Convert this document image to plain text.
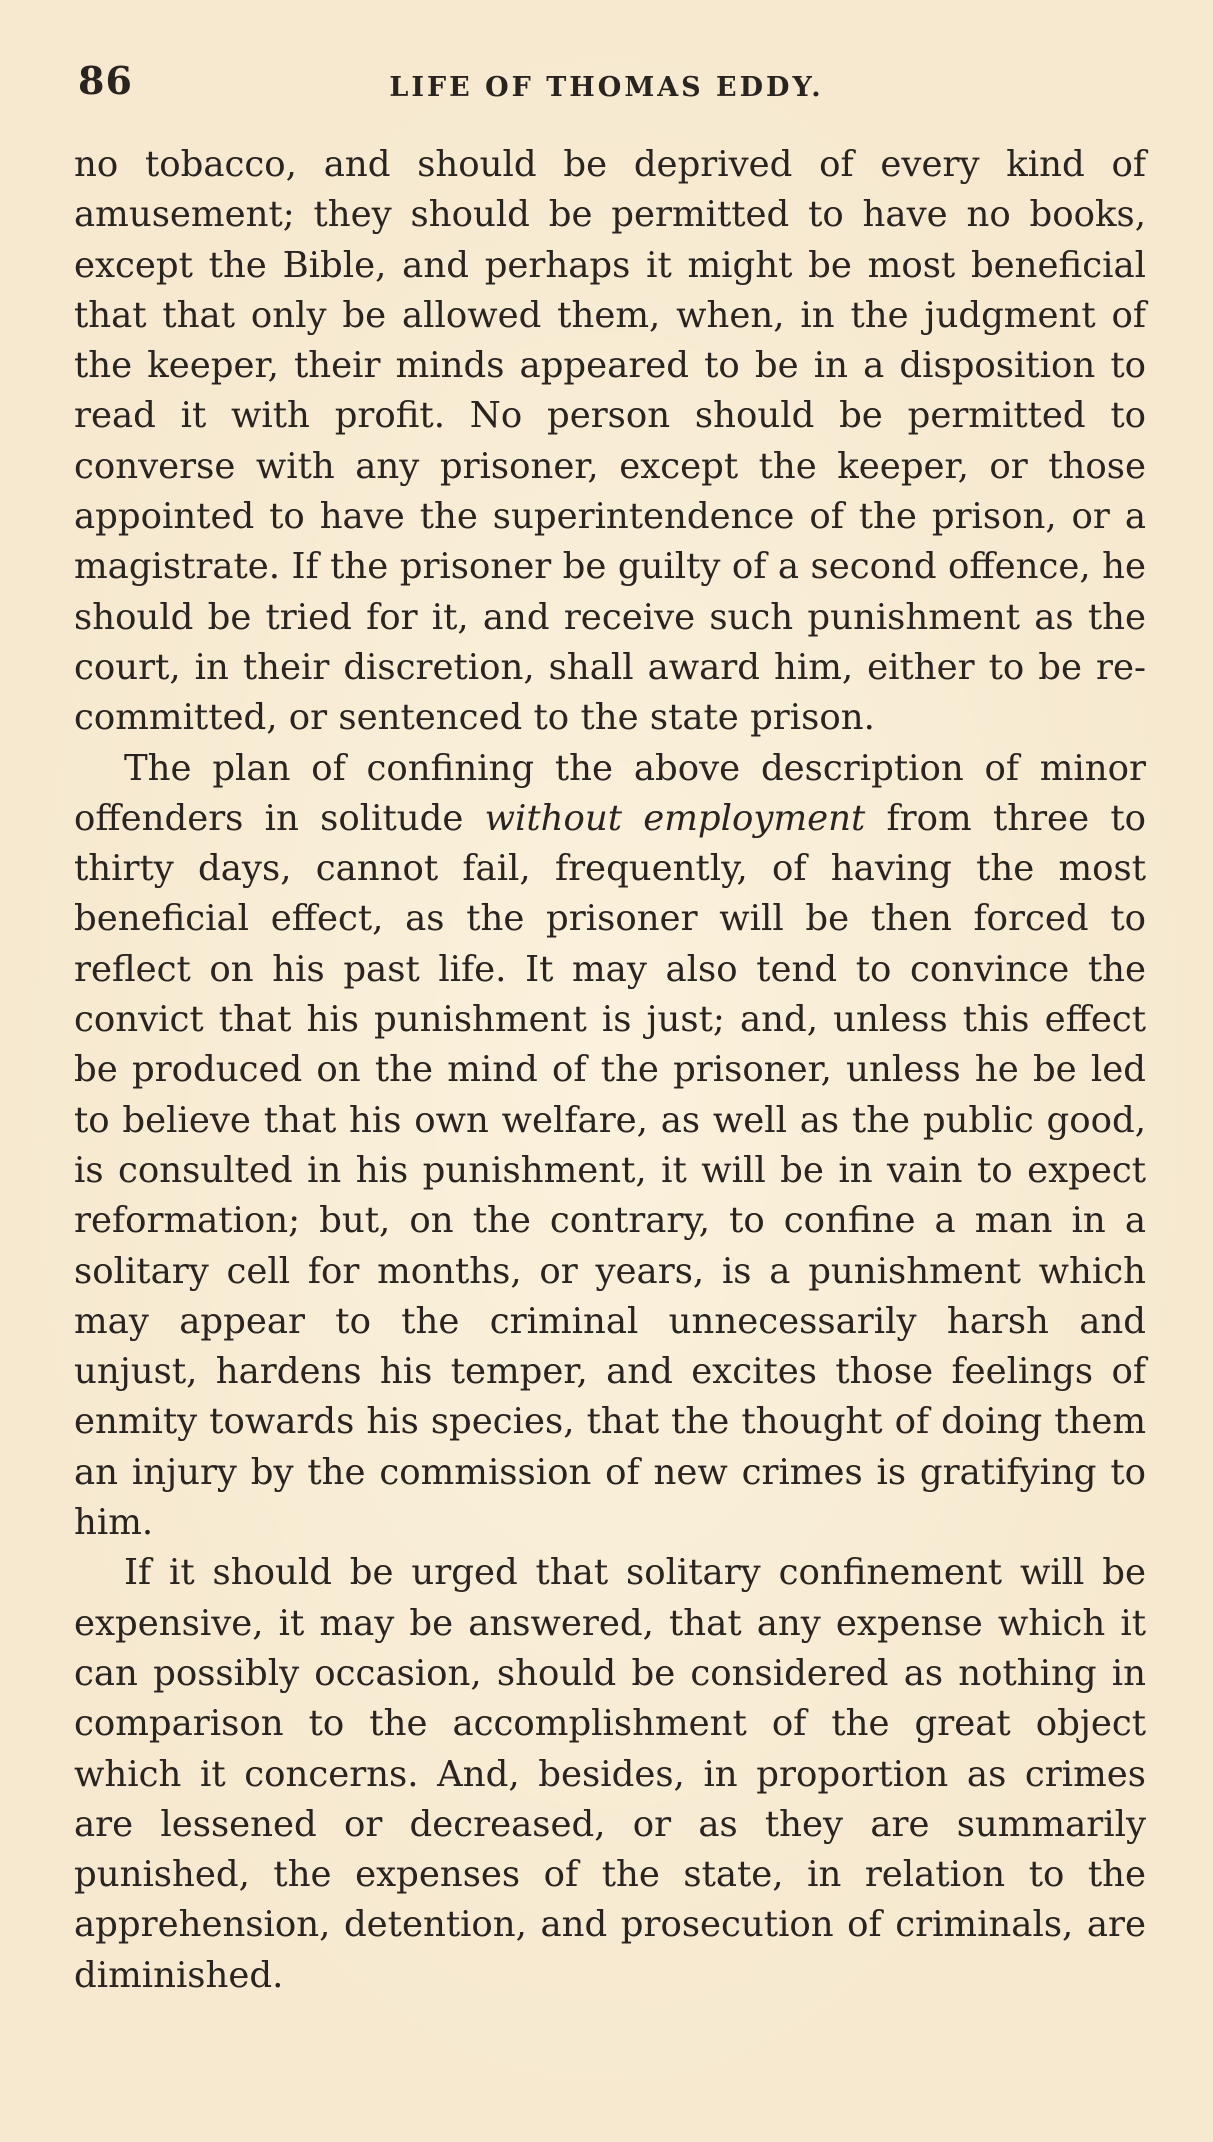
86	LIFE OF THOMAS EDDY.

no tobacco, and should be deprived of every kind of amusement; they should be permitted to have no books, except the Bible, and perhaps it might be most beneficial that that only be allowed them, when, in the judgment of the keeper, their minds appeared to be in a disposition to read it with profit. No person should be permitted to converse with any prisoner, except the keeper, or those appointed to have the superintendence of the prison, or a magistrate. If the prisoner be guilty of a second offence, he should be tried for it, and receive such punishment as the court, in their discretion, shall award him, either to be re-committed, or sentenced to the state prison.

The plan of confining the above description of minor offenders in solitude without employment from three to thirty days, cannot fail, frequently, of having the most beneficial effect, as the prisoner will be then forced to reflect on his past life. It may also tend to convince the convict that his punishment is just; and, unless this effect be produced on the mind of the prisoner, unless he be led to believe that his own welfare, as well as the public good, is consulted in his punishment, it will be in vain to expect reformation; but, on the contrary, to confine a man in a solitary cell for months, or years, is a punishment which may appear to the criminal unnecessarily harsh and unjust, hardens his temper, and excites those feelings of enmity towards his species, that the thought of doing them an injury by the commission of new crimes is gratifying to him.

If it should be urged that solitary confinement will be expensive, it may be answered, that any expense which it can possibly occasion, should be considered as nothing in comparison to the accomplishment of the great object which it concerns. And, besides, in proportion as crimes are lessened or decreased, or as they are summarily punished, the expenses of the state, in relation to the apprehension, detention, and prosecution of criminals, are diminished.
